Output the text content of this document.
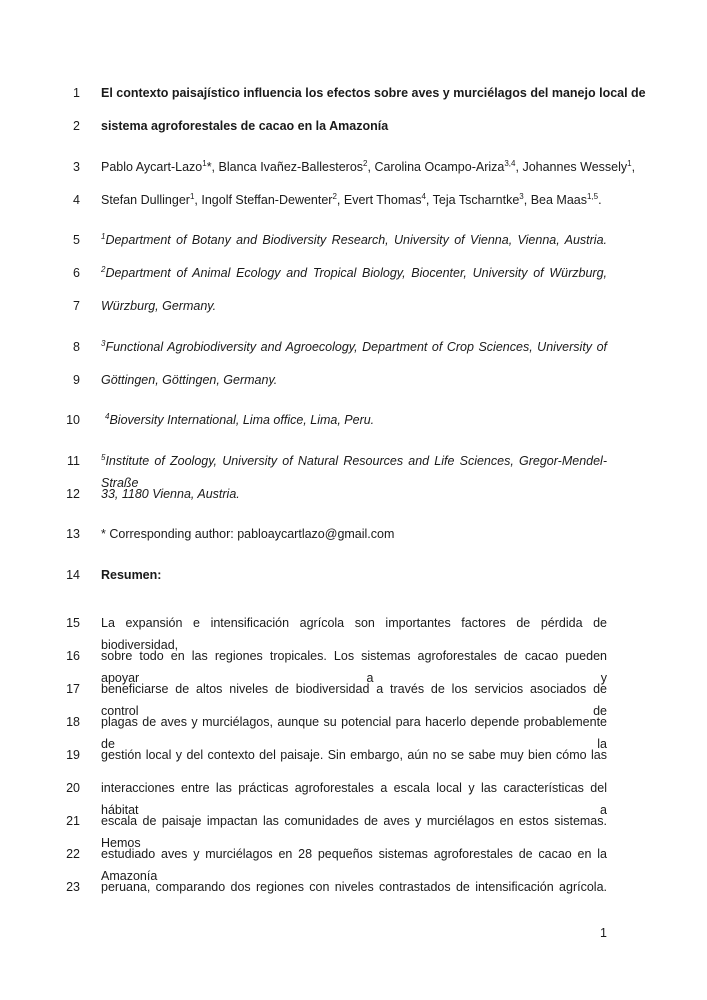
1 El contexto paisajístico influencia los efectos sobre aves y murciélagos del manejo local de
2 sistema agroforestales de cacao en la Amazonía
3 Pablo Aycart-Lazo$^1$*, Blanca Ivañez-Ballesteros$^2$, Carolina Ocampo-Ariza$^{3,4}$, Johannes Wessely$^1$,
4 Stefan Dullinger$^1$, Ingolf Steffan-Dewenter$^2$, Evert Thomas$^4$, Teja Tscharntke$^3$, Bea Maas$^{1,5}$.
5	$^1$Department of Botany and Biodiversity Research, University of Vienna, Vienna, Austria.
6	$^2$Department of Animal Ecology and Tropical Biology, Biocenter, University of Würzburg,
7 Würzburg, Germany.
8	$^3$Functional Agrobiodiversity and Agroecology, Department of Crop Sciences, University of
9 Göttingen, Göttingen, Germany.
10	$^4$Bioversity International, Lima office, Lima, Peru.
11	$^5$Institute of Zoology, University of Natural Resources and Life Sciences, Gregor-Mendel-Straße
12 33, 1180 Vienna, Austria.
13 * Corresponding author: pabloaycartlazo@gmail.com
14 Resumen:
15 La expansión e intensificación agrícola son importantes factores de pérdida de biodiversidad,
16 sobre todo en las regiones tropicales. Los sistemas agroforestales de cacao pueden apoyar a y
17 beneficiarse de altos niveles de biodiversidad a través de los servicios asociados de control de
18 plagas de aves y murciélagos, aunque su potencial para hacerlo depende probablemente de la
19 gestión local y del contexto del paisaje. Sin embargo, aún no se sabe muy bien cómo las
20 interacciones entre las prácticas agroforestales a escala local y las características del hábitat a
21 escala de paisaje impactan las comunidades de aves y murciélagos en estos sistemas. Hemos
22 estudiado aves y murciélagos en 28 pequeños sistemas agroforestales de cacao en la Amazonía
23 peruana, comparando dos regiones con niveles contrastados de intensificación agrícola.
1
